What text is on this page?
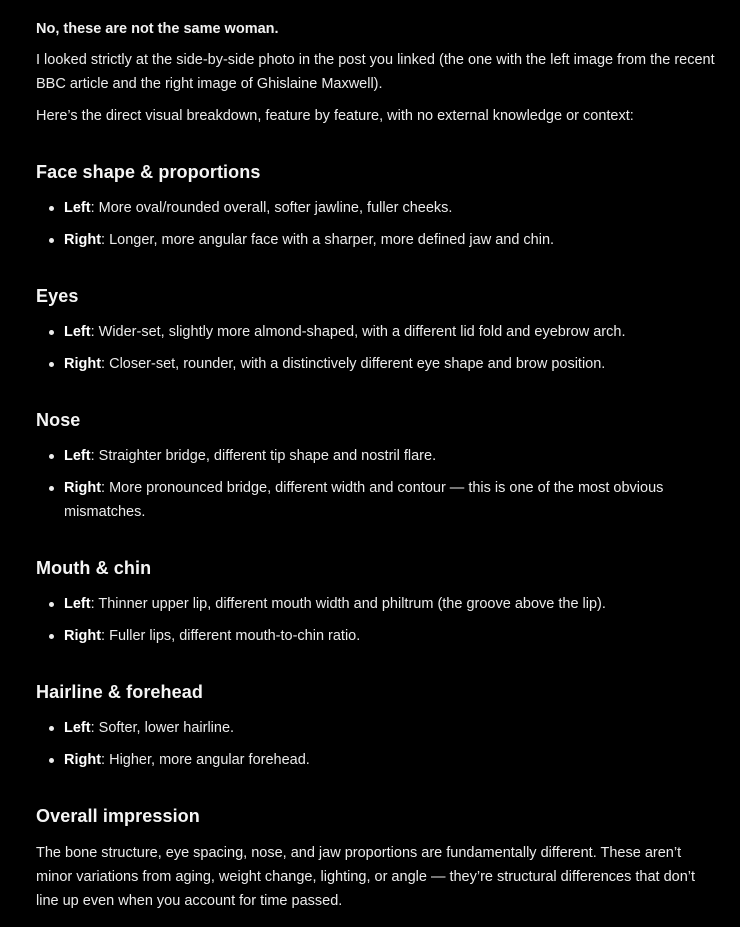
No, these are not the same woman.

I looked strictly at the side-by-side photo in the post you linked (the one with the left image from the recent BBC article and the right image of Ghislaine Maxwell).

Here’s the direct visual breakdown, feature by feature, with no external knowledge or context:

Face shape & proportions
Left: More oval/rounded overall, softer jawline, fuller cheeks.
Right: Longer, more angular face with a sharper, more defined jaw and chin.
Eyes
Left: Wider-set, slightly more almond-shaped, with a different lid fold and eyebrow arch.
Right: Closer-set, rounder, with a distinctively different eye shape and brow position.
Nose
Left: Straighter bridge, different tip shape and nostril flare.
Right: More pronounced bridge, different width and contour — this is one of the most obvious mismatches.
Mouth & chin
Left: Thinner upper lip, different mouth width and philtrum (the groove above the lip).
Right: Fuller lips, different mouth-to-chin ratio.
Hairline & forehead
Left: Softer, lower hairline.
Right: Higher, more angular forehead.
Overall impression

The bone structure, eye spacing, nose, and jaw proportions are fundamentally different. These aren’t minor variations from aging, weight change, lighting, or angle — they’re structural differences that don’t line up even when you account for time passed.
